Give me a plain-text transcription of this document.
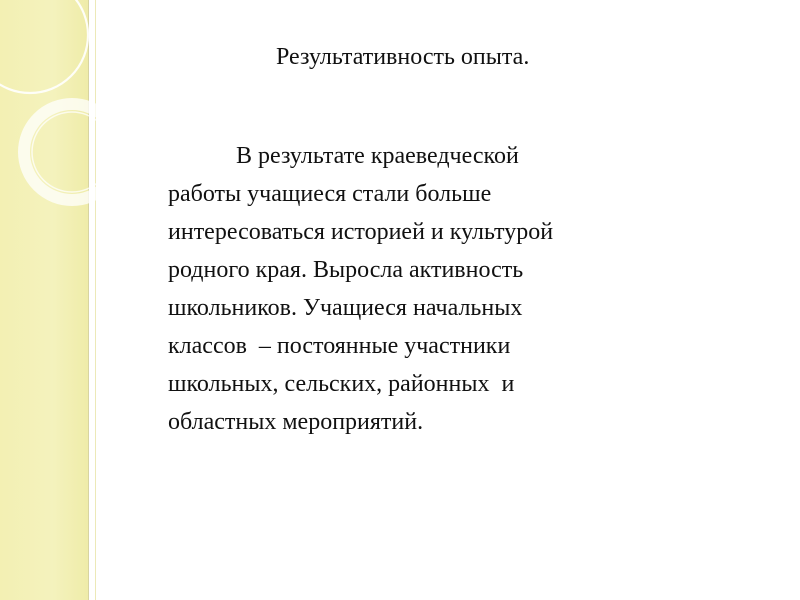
Результативность опыта.
В результате краеведческой
работы учащиеся стали больше
интересоваться историей и культурой
родного края. Выросла активность
школьников. Учащиеся начальных
классов  – постоянные участники
школьных, сельских, районных  и
областных мероприятий.
